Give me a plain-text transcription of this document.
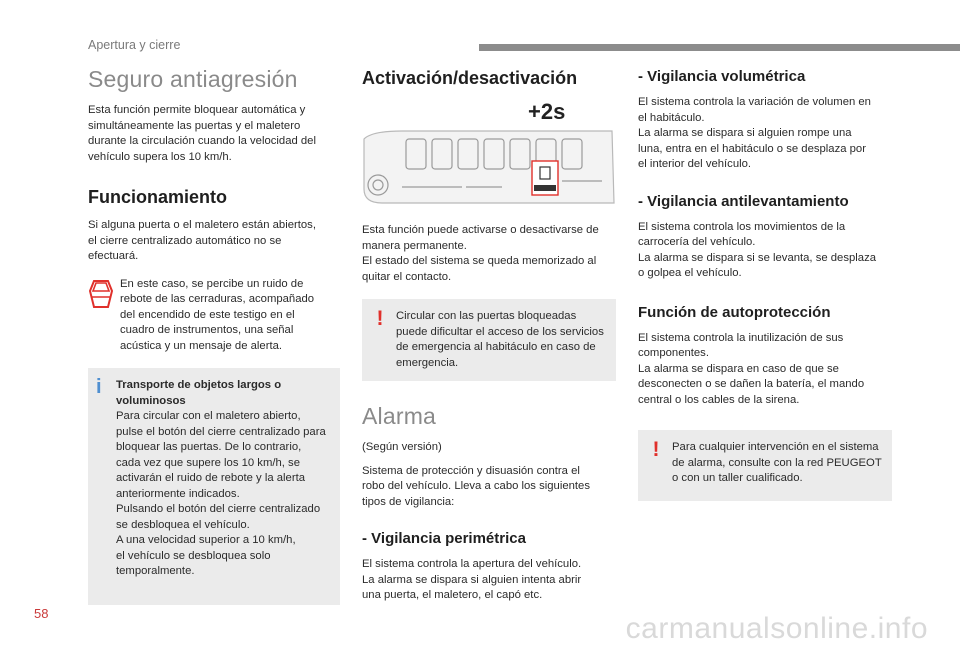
Apertura y cierre
Seguro antiagresión
Esta función permite bloquear automática y
simultáneamente las puertas y el maletero
durante la circulación cuando la velocidad del
vehículo supera los 10 km/h.
Funcionamiento
Si alguna puerta o el maletero están abiertos,
el cierre centralizado automático no se
efectuará.
En este caso, se percibe un ruido de
rebote de las cerraduras, acompañado
del encendido de este testigo en el
cuadro de instrumentos, una señal
acústica y un mensaje de alerta.
i	Transporte de objetos largos o
voluminosos
Para circular con el maletero abierto,
pulse el botón del cierre centralizado para
bloquear las puertas. De lo contrario,
cada vez que supere los 10 km/h, se
activarán el ruido de rebote y la alerta
anteriormente indicados.
Pulsando el botón del cierre centralizado
se desbloquea el vehículo.
A una velocidad superior a 10 km/h,
el vehículo se desbloquea solo
temporalmente.
Activación/desactivación
+2s
Esta función puede activarse o desactivarse de
manera permanente.
El estado del sistema se queda memorizado al
quitar el contacto.
!	Circular con las puertas bloqueadas
puede dificultar el acceso de los servicios
de emergencia al habitáculo en caso de
emergencia.
Alarma
(Según versión)
Sistema de protección y disuasión contra el
robo del vehículo. Lleva a cabo los siguientes
tipos de vigilancia:
- Vigilancia perimétrica
El sistema controla la apertura del vehículo.
La alarma se dispara si alguien intenta abrir
una puerta, el maletero, el capó etc.
- Vigilancia volumétrica
El sistema controla la variación de volumen en
el habitáculo.
La alarma se dispara si alguien rompe una
luna, entra en el habitáculo o se desplaza por
el interior del vehículo.
- Vigilancia antilevantamiento
El sistema controla los movimientos de la
carrocería del vehículo.
La alarma se dispara si se levanta, se desplaza
o golpea el vehículo.
Función de autoprotección
El sistema controla la inutilización de sus
componentes.
La alarma se dispara en caso de que se
desconecten o se dañen la batería, el mando
central o los cables de la sirena.
!	Para cualquier intervención en el sistema
de alarma, consulte con la red PEUGEOT
o con un taller cualificado.
58	carmanualsonline.info
